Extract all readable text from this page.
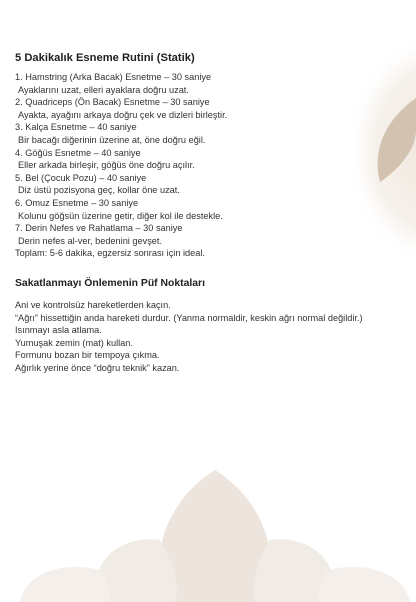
5 Dakikalık Esneme Rutini (Statik)
1. Hamstring (Arka Bacak) Esnetme – 30 saniye
Ayaklarını uzat, elleri ayaklara doğru uzat.
2. Quadriceps (Ön Bacak) Esnetme – 30 saniye
Ayakta, ayağını arkaya doğru çek ve dizleri birleştir.
3. Kalça Esnetme – 40 saniye
Bir bacağı diğerinin üzerine at, öne doğru eğil.
4. Göğüs Esnetme – 40 saniye
Eller arkada birleşir, göğüs öne doğru açılır.
5. Bel (Çocuk Pozu) – 40 saniye
Diz üstü pozisyona geç, kollar öne uzat.
6. Omuz Esnetme – 30 saniye
Kolunu göğsün üzerine getir, diğer kol ile destekle.
7. Derin Nefes ve Rahatlama – 30 saniye
Derin nefes al-ver, bedenini gevşet.
Toplam: 5-6 dakika, egzersiz sonrası için ideal.
Sakatlanmayı Önlemenin Püf Noktaları
Ani ve kontrolsüz hareketlerden kaçın.
“Ağrı” hissettiğin anda hareketi durdur. (Yanma normaldir, keskin ağrı normal değildir.)
Isınmayı asla atlama.
Yumuşak zemin (mat) kullan.
Formunu bozan bir tempoya çıkma.
Ağırlık yerine önce “doğru teknik” kazan.
